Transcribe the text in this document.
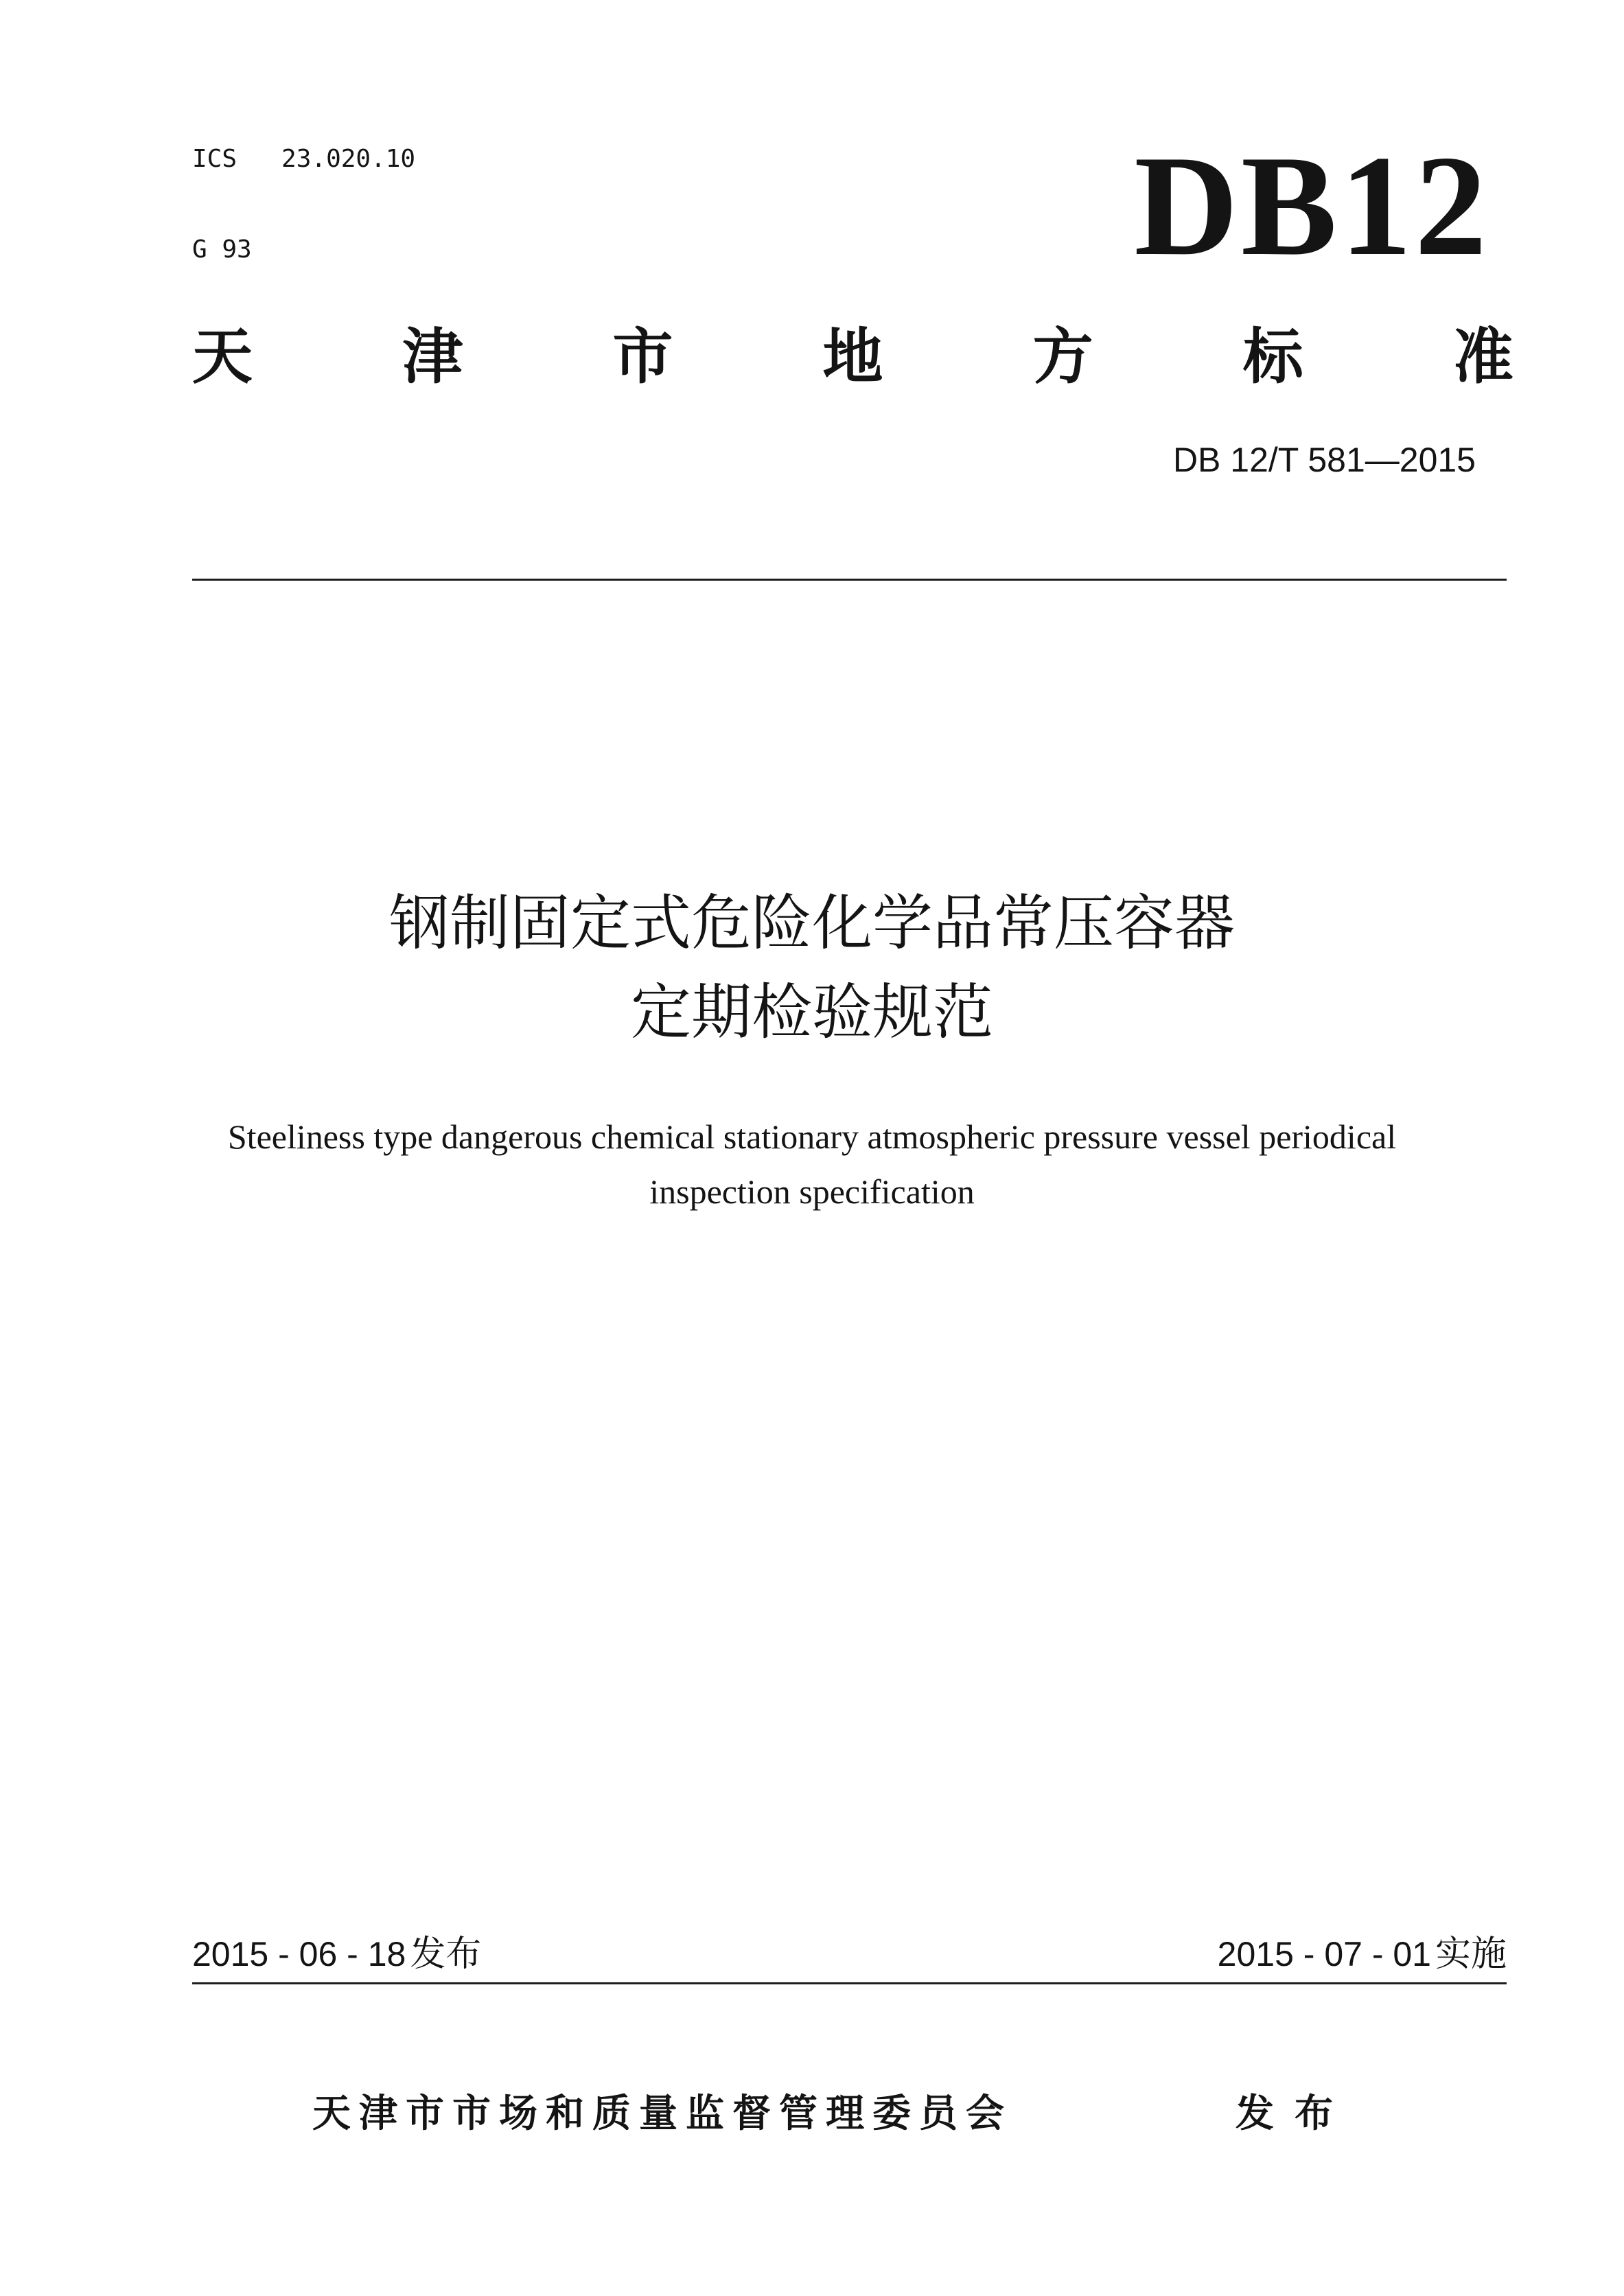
ICS   23.020.10

G 93	DB12
天 津 市 地 方 标 准
DB 12/T 581—2015
钢制固定式危险化学品常压容器
定期检验规范
Steeliness type dangerous chemical stationary atmospheric pressure vessel periodical
inspection specification
2015 - 06 - 18 发布	2015 - 07 - 01 实施
天津市市场和质量监督管理委员会	发布
